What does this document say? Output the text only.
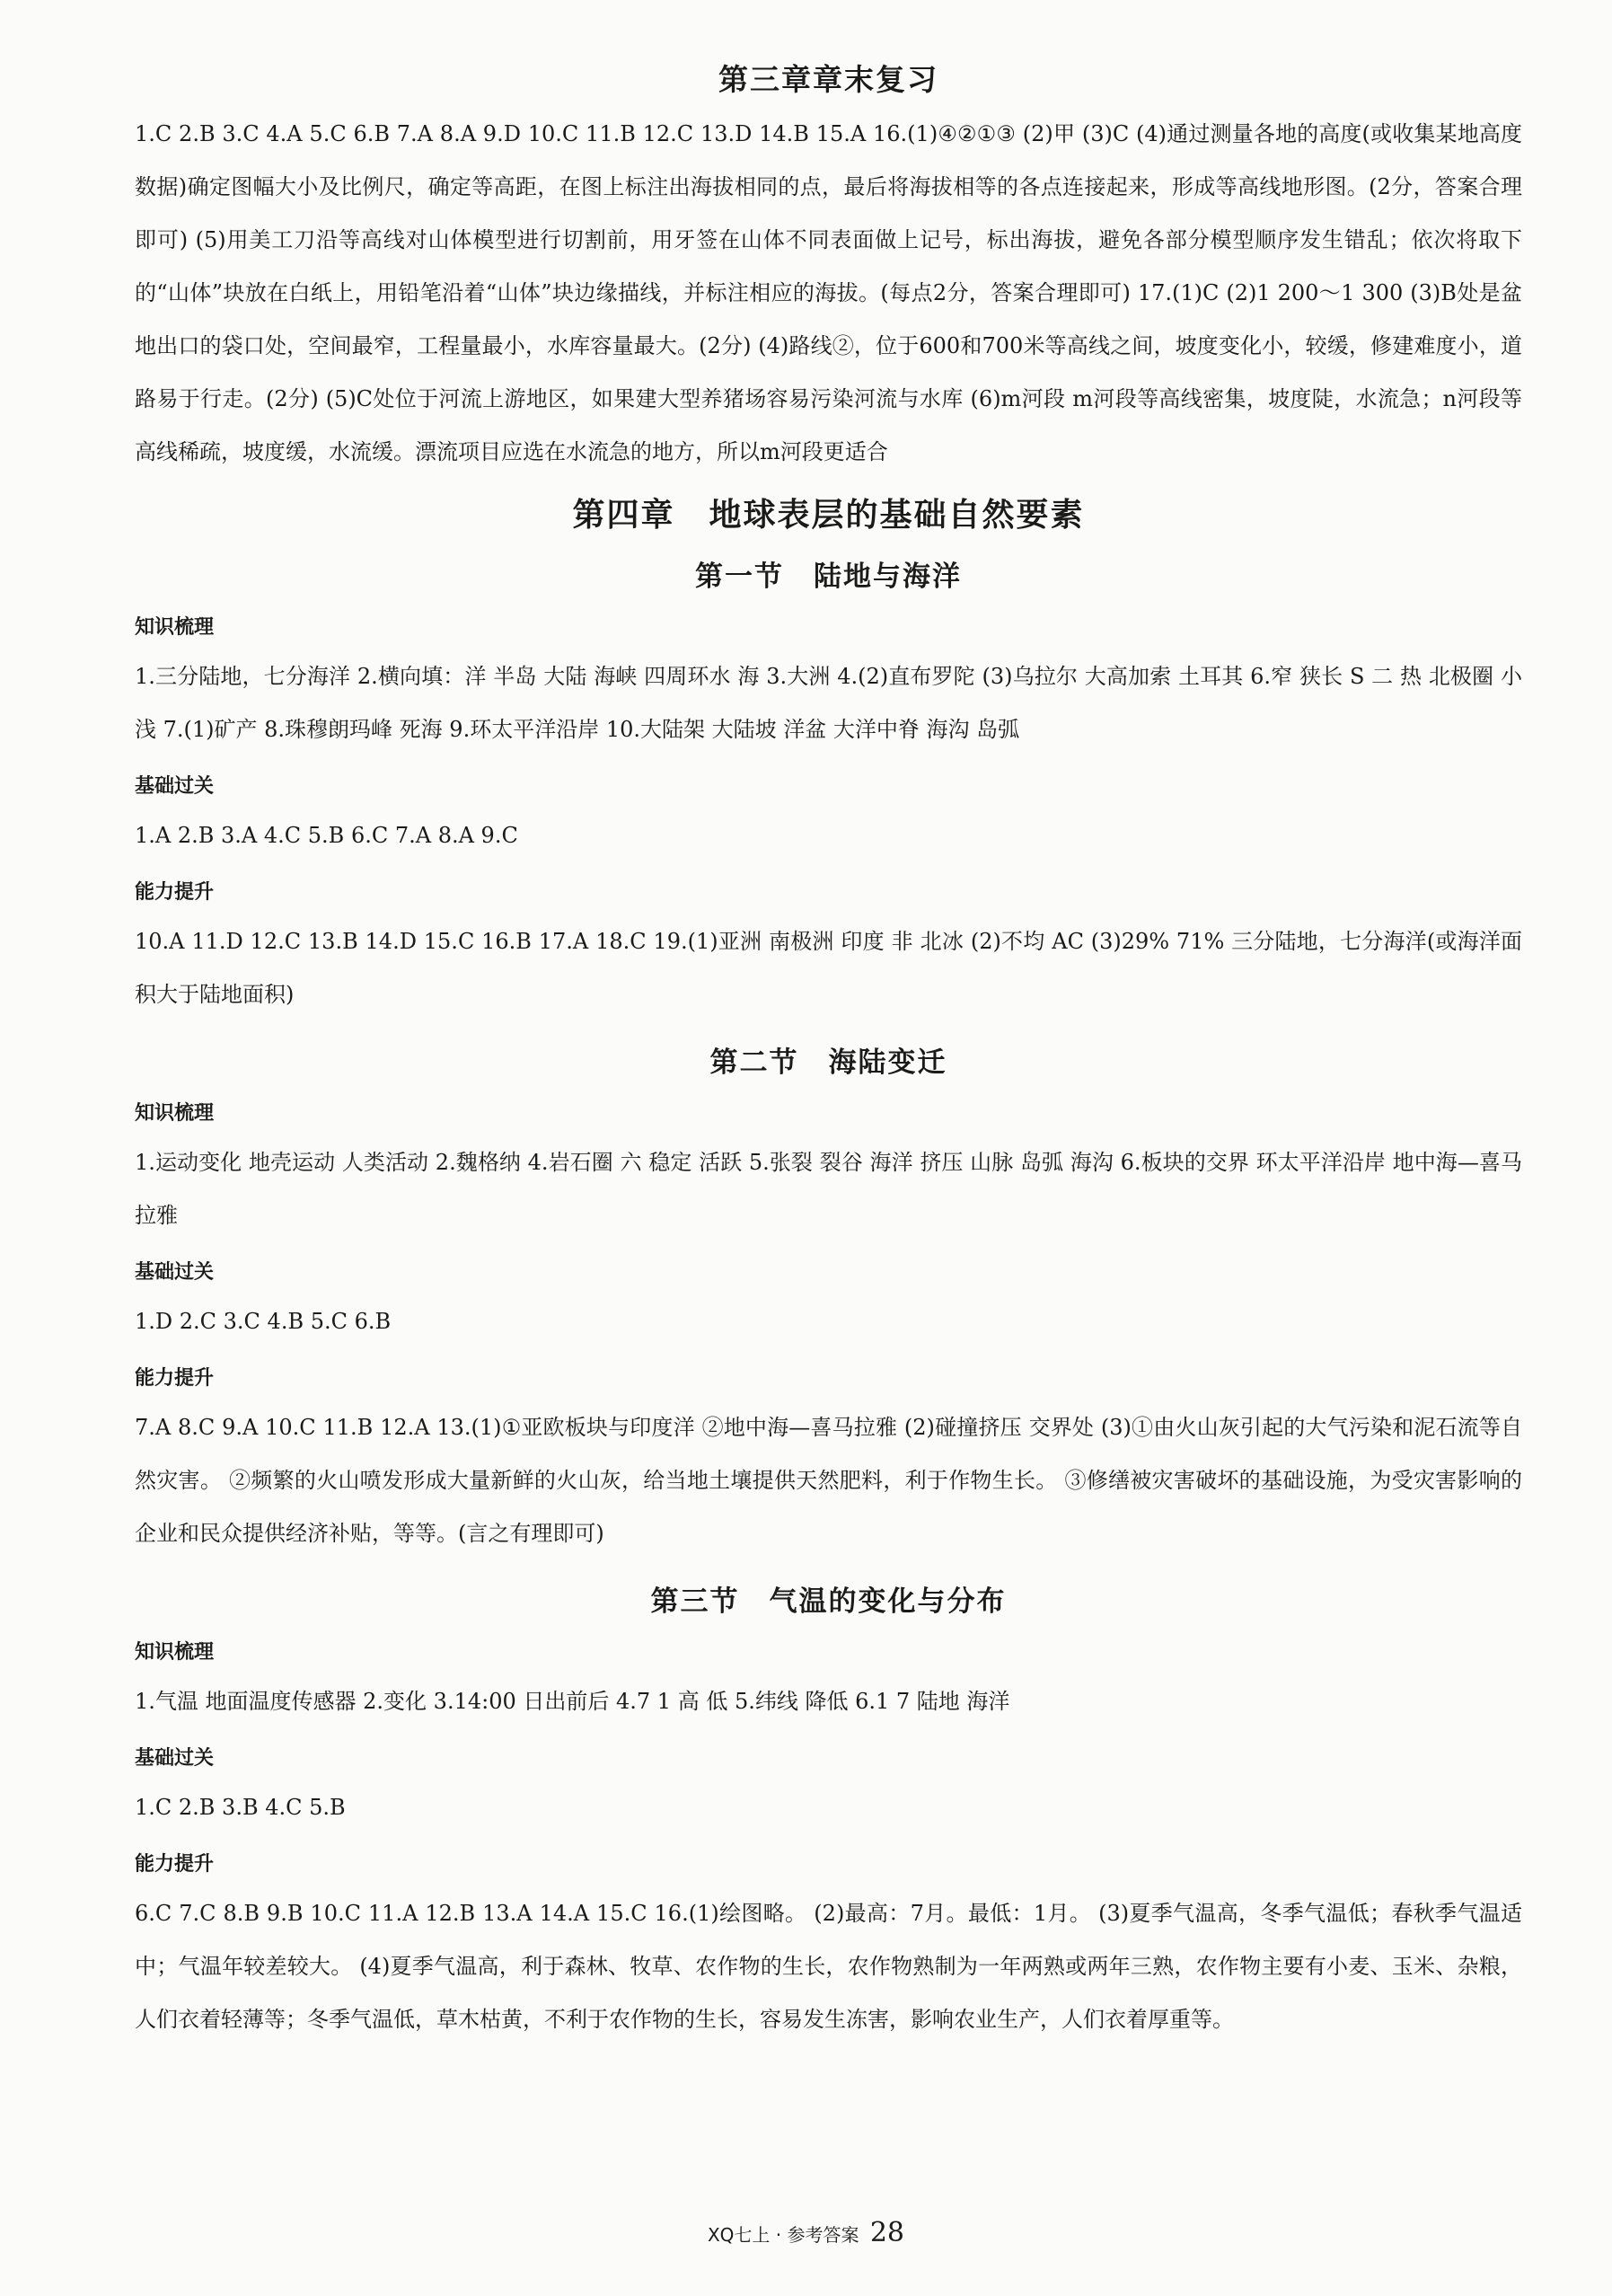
第三章章末复习

1.C 2.B 3.C 4.A 5.C 6.B 7.A 8.A 9.D 10.C 11.B 12.C 13.D 14.B 15.A 16.(1)④②①③ (2)甲 (3)C (4)通过测量各地的高度(或收集某地高度数据)确定图幅大小及比例尺，确定等高距，在图上标注出海拔相同的点，最后将海拔相等的各点连接起来，形成等高线地形图。(2分，答案合理即可) (5)用美工刀沿等高线对山体模型进行切割前，用牙签在山体不同表面做上记号，标出海拔，避免各部分模型顺序发生错乱；依次将取下的“山体”块放在白纸上，用铅笔沿着“山体”块边缘描线，并标注相应的海拔。(每点2分，答案合理即可) 17.(1)C (2)1 200～1 300 (3)B处是盆地出口的袋口处，空间最窄，工程量最小，水库容量最大。(2分) (4)路线②，位于600和700米等高线之间，坡度变化小，较缓，修建难度小，道路易于行走。(2分) (5)C处位于河流上游地区，如果建大型养猪场容易污染河流与水库 (6)m河段 m河段等高线密集，坡度陡，水流急；n河段等高线稀疏，坡度缓，水流缓。漂流项目应选在水流急的地方，所以m河段更适合

第四章　地球表层的基础自然要素
第一节　陆地与海洋
知识梳理

1.三分陆地，七分海洋 2.横向填：洋 半岛 大陆 海峡 四周环水 海 3.大洲 4.(2)直布罗陀 (3)乌拉尔 大高加索 土耳其 6.窄 狭长 S 二 热 北极圈 小 浅 7.(1)矿产 8.珠穆朗玛峰 死海 9.环太平洋沿岸 10.大陆架 大陆坡 洋盆 大洋中脊 海沟 岛弧

基础过关

1.A 2.B 3.A 4.C 5.B 6.C 7.A 8.A 9.C

能力提升

10.A 11.D 12.C 13.B 14.D 15.C 16.B 17.A 18.C 19.(1)亚洲 南极洲 印度 非 北冰 (2)不均 AC (3)29% 71% 三分陆地，七分海洋(或海洋面积大于陆地面积)

第二节　海陆变迁
知识梳理

1.运动变化 地壳运动 人类活动 2.魏格纳 4.岩石圈 六 稳定 活跃 5.张裂 裂谷 海洋 挤压 山脉 岛弧 海沟 6.板块的交界 环太平洋沿岸 地中海—喜马拉雅

基础过关

1.D 2.C 3.C 4.B 5.C 6.B

能力提升

7.A 8.C 9.A 10.C 11.B 12.A 13.(1)①亚欧板块与印度洋 ②地中海—喜马拉雅 (2)碰撞挤压 交界处 (3)①由火山灰引起的大气污染和泥石流等自然灾害。 ②频繁的火山喷发形成大量新鲜的火山灰，给当地土壤提供天然肥料，利于作物生长。 ③修缮被灾害破坏的基础设施，为受灾害影响的企业和民众提供经济补贴，等等。(言之有理即可)

第三节　气温的变化与分布
知识梳理

1.气温 地面温度传感器 2.变化 3.14:00 日出前后 4.7 1 高 低 5.纬线 降低 6.1 7 陆地 海洋

基础过关

1.C 2.B 3.B 4.C 5.B

能力提升

6.C 7.C 8.B 9.B 10.C 11.A 12.B 13.A 14.A 15.C 16.(1)绘图略。 (2)最高：7月。最低：1月。 (3)夏季气温高，冬季气温低；春秋季气温适中；气温年较差较大。 (4)夏季气温高，利于森林、牧草、农作物的生长，农作物熟制为一年两熟或两年三熟，农作物主要有小麦、玉米、杂粮，人们衣着轻薄等；冬季气温低，草木枯黄，不利于农作物的生长，容易发生冻害，影响农业生产，人们衣着厚重等。

XQ七上 · 参考答案 28
